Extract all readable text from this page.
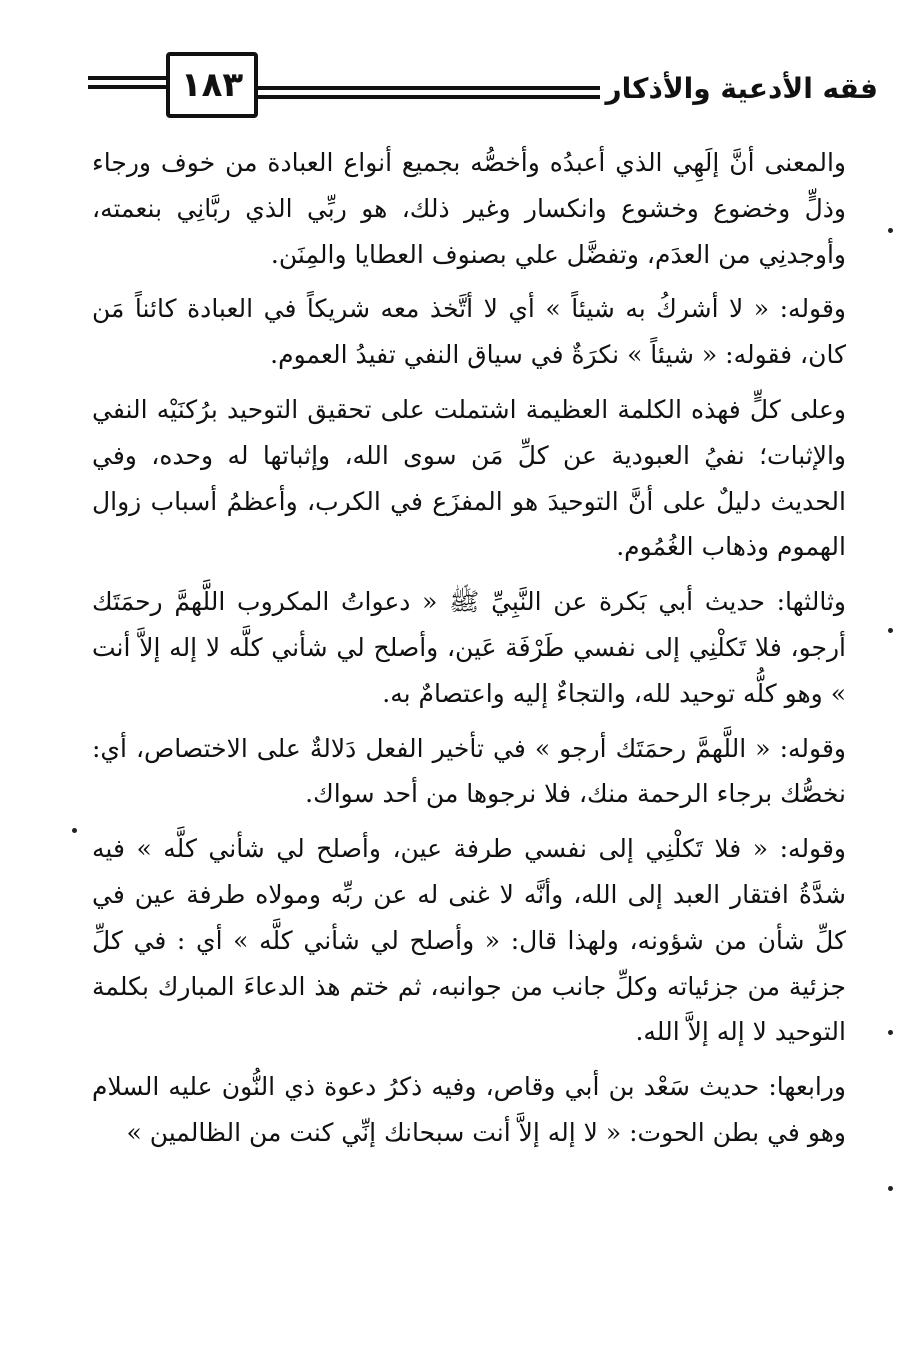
١٨٣	فقه الأدعية والأذكار

والمعنى أنَّ إلَهِي الذي أعبدُه وأخصُّه بجميع أنواع العبادة من خوف ورجاء وذلٍّ وخضوع وخشوع وانكسار وغير ذلك، هو ربِّي الذي ربَّانِي بنعمته، وأوجدنِي من العدَم، وتفضَّل علي بصنوف العطايا والمِنَن.

وقوله: « لا أشركُ به شيئاً » أي لا أتَّخذ معه شريكاً في العبادة كائناً مَن كان، فقوله: « شيئاً » نكرَةٌ في سياق النفي تفيدُ العموم.

وعلى كلٍّ فهذه الكلمة العظيمة اشتملت على تحقيق التوحيد برُكنَيْه النفي والإثبات؛ نفيُ العبودية عن كلِّ مَن سوى الله، وإثباتها له وحده، وفي الحديث دليلٌ على أنَّ التوحيدَ هو المفزَع في الكرب، وأعظمُ أسباب زوال الهموم وذهاب الغُمُوم.

وثالثها: حديث أبي بَكرة عن النَّبِيِّ ﷺ « دعواتُ المكروب اللَّهمَّ رحمَتَك أرجو، فلا تَكلْنِي إلى نفسي طَرْفَة عَين، وأصلح لي شأني كلَّه لا إله إلاَّ أنت » وهو كلُّه توحيد لله، والتجاءٌ إليه واعتصامٌ به.

وقوله: « اللَّهمَّ رحمَتَك أرجو » في تأخير الفعل دَلالةٌ على الاختصاص، أي: نخصُّك برجاء الرحمة منك، فلا نرجوها من أحد سواك.

وقوله: « فلا تَكلْنِي إلى نفسي طرفة عين، وأصلح لي شأني كلَّه » فيه شدَّةُ افتقار العبد إلى الله، وأنَّه لا غنى له عن ربِّه ومولاه طرفة عين في كلِّ شأن من شؤونه، ولهذا قال: « وأصلح لي شأني كلَّه » أي : في كلِّ جزئية من جزئياته وكلِّ جانب من جوانبه، ثم ختم هذ الدعاءَ المبارك بكلمة التوحيد لا إله إلاَّ الله.

ورابعها: حديث سَعْد بن أبي وقاص، وفيه ذكرُ دعوة ذي النُّون عليه السلام وهو في بطن الحوت: « لا إله إلاَّ أنت سبحانك إنِّي كنت من الظالمين »
